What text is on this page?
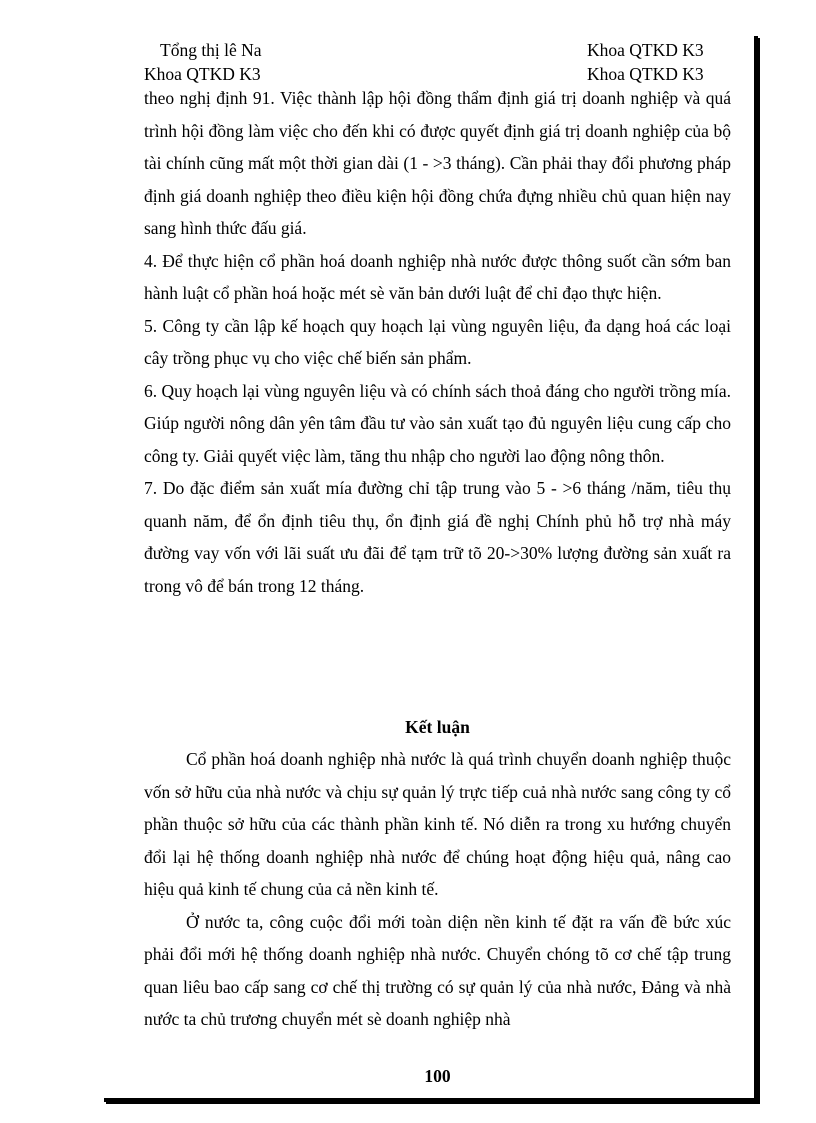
Tổng thị lê Na	Khoa QTKD K3
Khoa QTKD K3	Khoa QTKD K3

theo nghị định 91. Việc thành lập hội đồng thẩm định giá trị doanh nghiệp và quá trình hội đồng làm việc cho đến khi có được quyết định giá trị doanh nghiệp của bộ tài chính cũng mất một thời gian dài (1 - >3 tháng). Cần phải thay đổi phương pháp định giá doanh nghiệp theo điều kiện hội đồng chứa đựng nhiều chủ quan hiện nay sang hình thức đấu giá.

4. Để thực hiện cổ phần hoá doanh nghiệp nhà nước được thông suốt cần sớm ban hành luật cổ phần hoá hoặc mét sè văn bản dưới luật để chỉ đạo thực hiện.

5. Công ty cần lập kế hoạch quy hoạch lại vùng nguyên liệu, đa dạng hoá các loại cây trồng phục vụ cho việc chế biến sản phẩm.

6. Quy hoạch lại vùng nguyên liệu và có chính sách thoả đáng cho người trồng mía. Giúp người nông dân yên tâm đầu tư vào sản xuất tạo đủ nguyên liệu cung cấp cho công ty. Giải quyết việc làm, tăng thu nhập cho người lao động nông thôn.

7. Do đặc điểm sản xuất mía đường chỉ tập trung vào 5 - >6 tháng /năm, tiêu thụ quanh năm, để ổn định tiêu thụ, ổn định giá đề nghị Chính phủ hỗ trợ nhà máy đường vay vốn với lãi suất ưu đãi để tạm trữ tõ 20->30% lượng đường sản xuất ra trong vô để bán trong 12 tháng.

Kết luận

Cổ phần hoá doanh nghiệp nhà nước là quá trình chuyển doanh nghiệp thuộc vốn sở hữu của nhà nước và chịu sự quản lý trực tiếp cuả nhà nước sang công ty cổ phần thuộc sở hữu của các thành phần kinh tế. Nó diễn ra trong xu hướng chuyển đổi lại hệ thống doanh nghiệp nhà nước để chúng hoạt động hiệu quả, nâng cao hiệu quả kinh tế chung của cả nền kinh tế.

Ở nước ta, công cuộc đổi mới toàn diện nền kinh tế đặt ra vấn đề bức xúc phải đổi mới hệ thống doanh nghiệp nhà nước. Chuyển chóng tõ cơ chế tập trung quan liêu bao cấp sang cơ chế thị trường có sự quản lý của nhà nước, Đảng và nhà nước ta chủ trương chuyển mét sè doanh nghiệp nhà

100
